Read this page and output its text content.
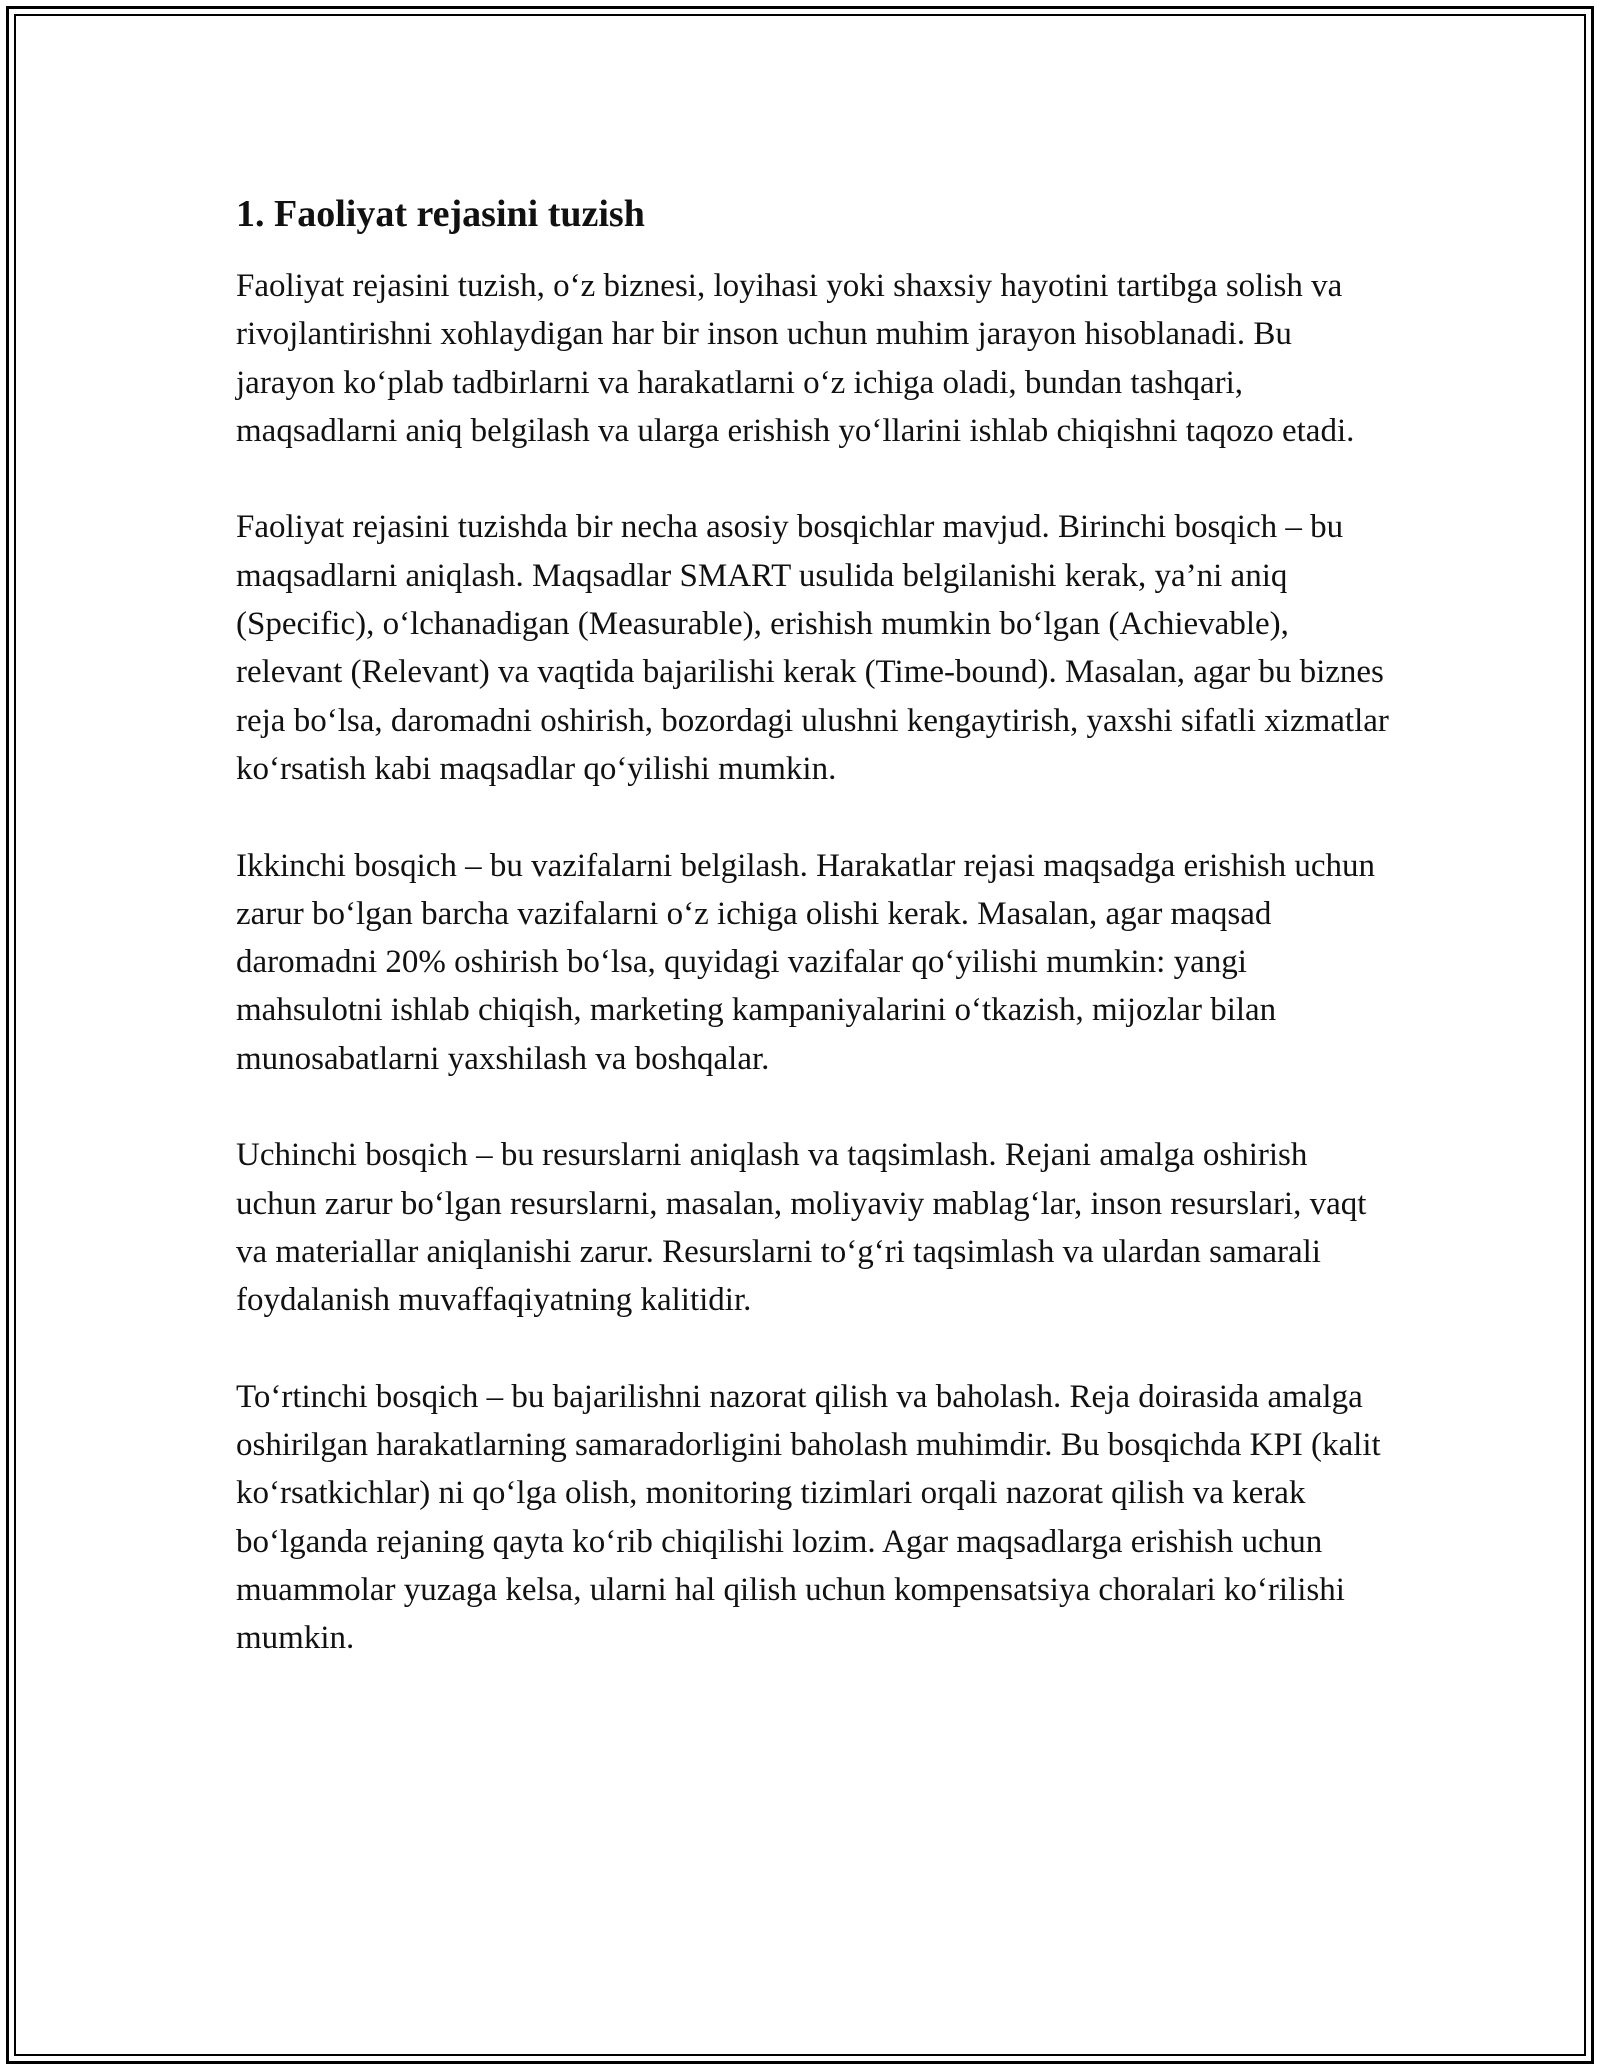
1. Faoliyat rejasini tuzish

Faoliyat rejasini tuzish, o‘z biznesi, loyihasi yoki shaxsiy hayotini tartibga solish va rivojlantirishni xohlaydigan har bir inson uchun muhim jarayon hisoblanadi. Bu jarayon ko‘plab tadbirlarni va harakatlarni o‘z ichiga oladi, bundan tashqari, maqsadlarni aniq belgilash va ularga erishish yo‘llarini ishlab chiqishni taqozo etadi.

Faoliyat rejasini tuzishda bir necha asosiy bosqichlar mavjud. Birinchi bosqich – bu maqsadlarni aniqlash. Maqsadlar SMART usulida belgilanishi kerak, ya’ni aniq (Specific), o‘lchanadigan (Measurable), erishish mumkin bo‘lgan (Achievable), relevant (Relevant) va vaqtida bajarilishi kerak (Time-bound). Masalan, agar bu biznes reja bo‘lsa, daromadni oshirish, bozordagi ulushni kengaytirish, yaxshi sifatli xizmatlar ko‘rsatish kabi maqsadlar qo‘yilishi mumkin.

Ikkinchi bosqich – bu vazifalarni belgilash. Harakatlar rejasi maqsadga erishish uchun zarur bo‘lgan barcha vazifalarni o‘z ichiga olishi kerak. Masalan, agar maqsad daromadni 20% oshirish bo‘lsa, quyidagi vazifalar qo‘yilishi mumkin: yangi mahsulotni ishlab chiqish, marketing kampaniyalarini o‘tkazish, mijozlar bilan munosabatlarni yaxshilash va boshqalar.

Uchinchi bosqich – bu resurslarni aniqlash va taqsimlash. Rejani amalga oshirish uchun zarur bo‘lgan resurslarni, masalan, moliyaviy mablag‘lar, inson resurslari, vaqt va materiallar aniqlanishi zarur. Resurslarni to‘g‘ri taqsimlash va ulardan samarali foydalanish muvaffaqiyatning kalitidir.

To‘rtinchi bosqich – bu bajarilishni nazorat qilish va baholash. Reja doirasida amalga oshirilgan harakatlarning samaradorligini baholash muhimdir. Bu bosqichda KPI (kalit ko‘rsatkichlar) ni qo‘lga olish, monitoring tizimlari orqali nazorat qilish va kerak bo‘lganda rejaning qayta ko‘rib chiqilishi lozim. Agar maqsadlarga erishish uchun muammolar yuzaga kelsa, ularni hal qilish uchun kompensatsiya choralari ko‘rilishi mumkin.
